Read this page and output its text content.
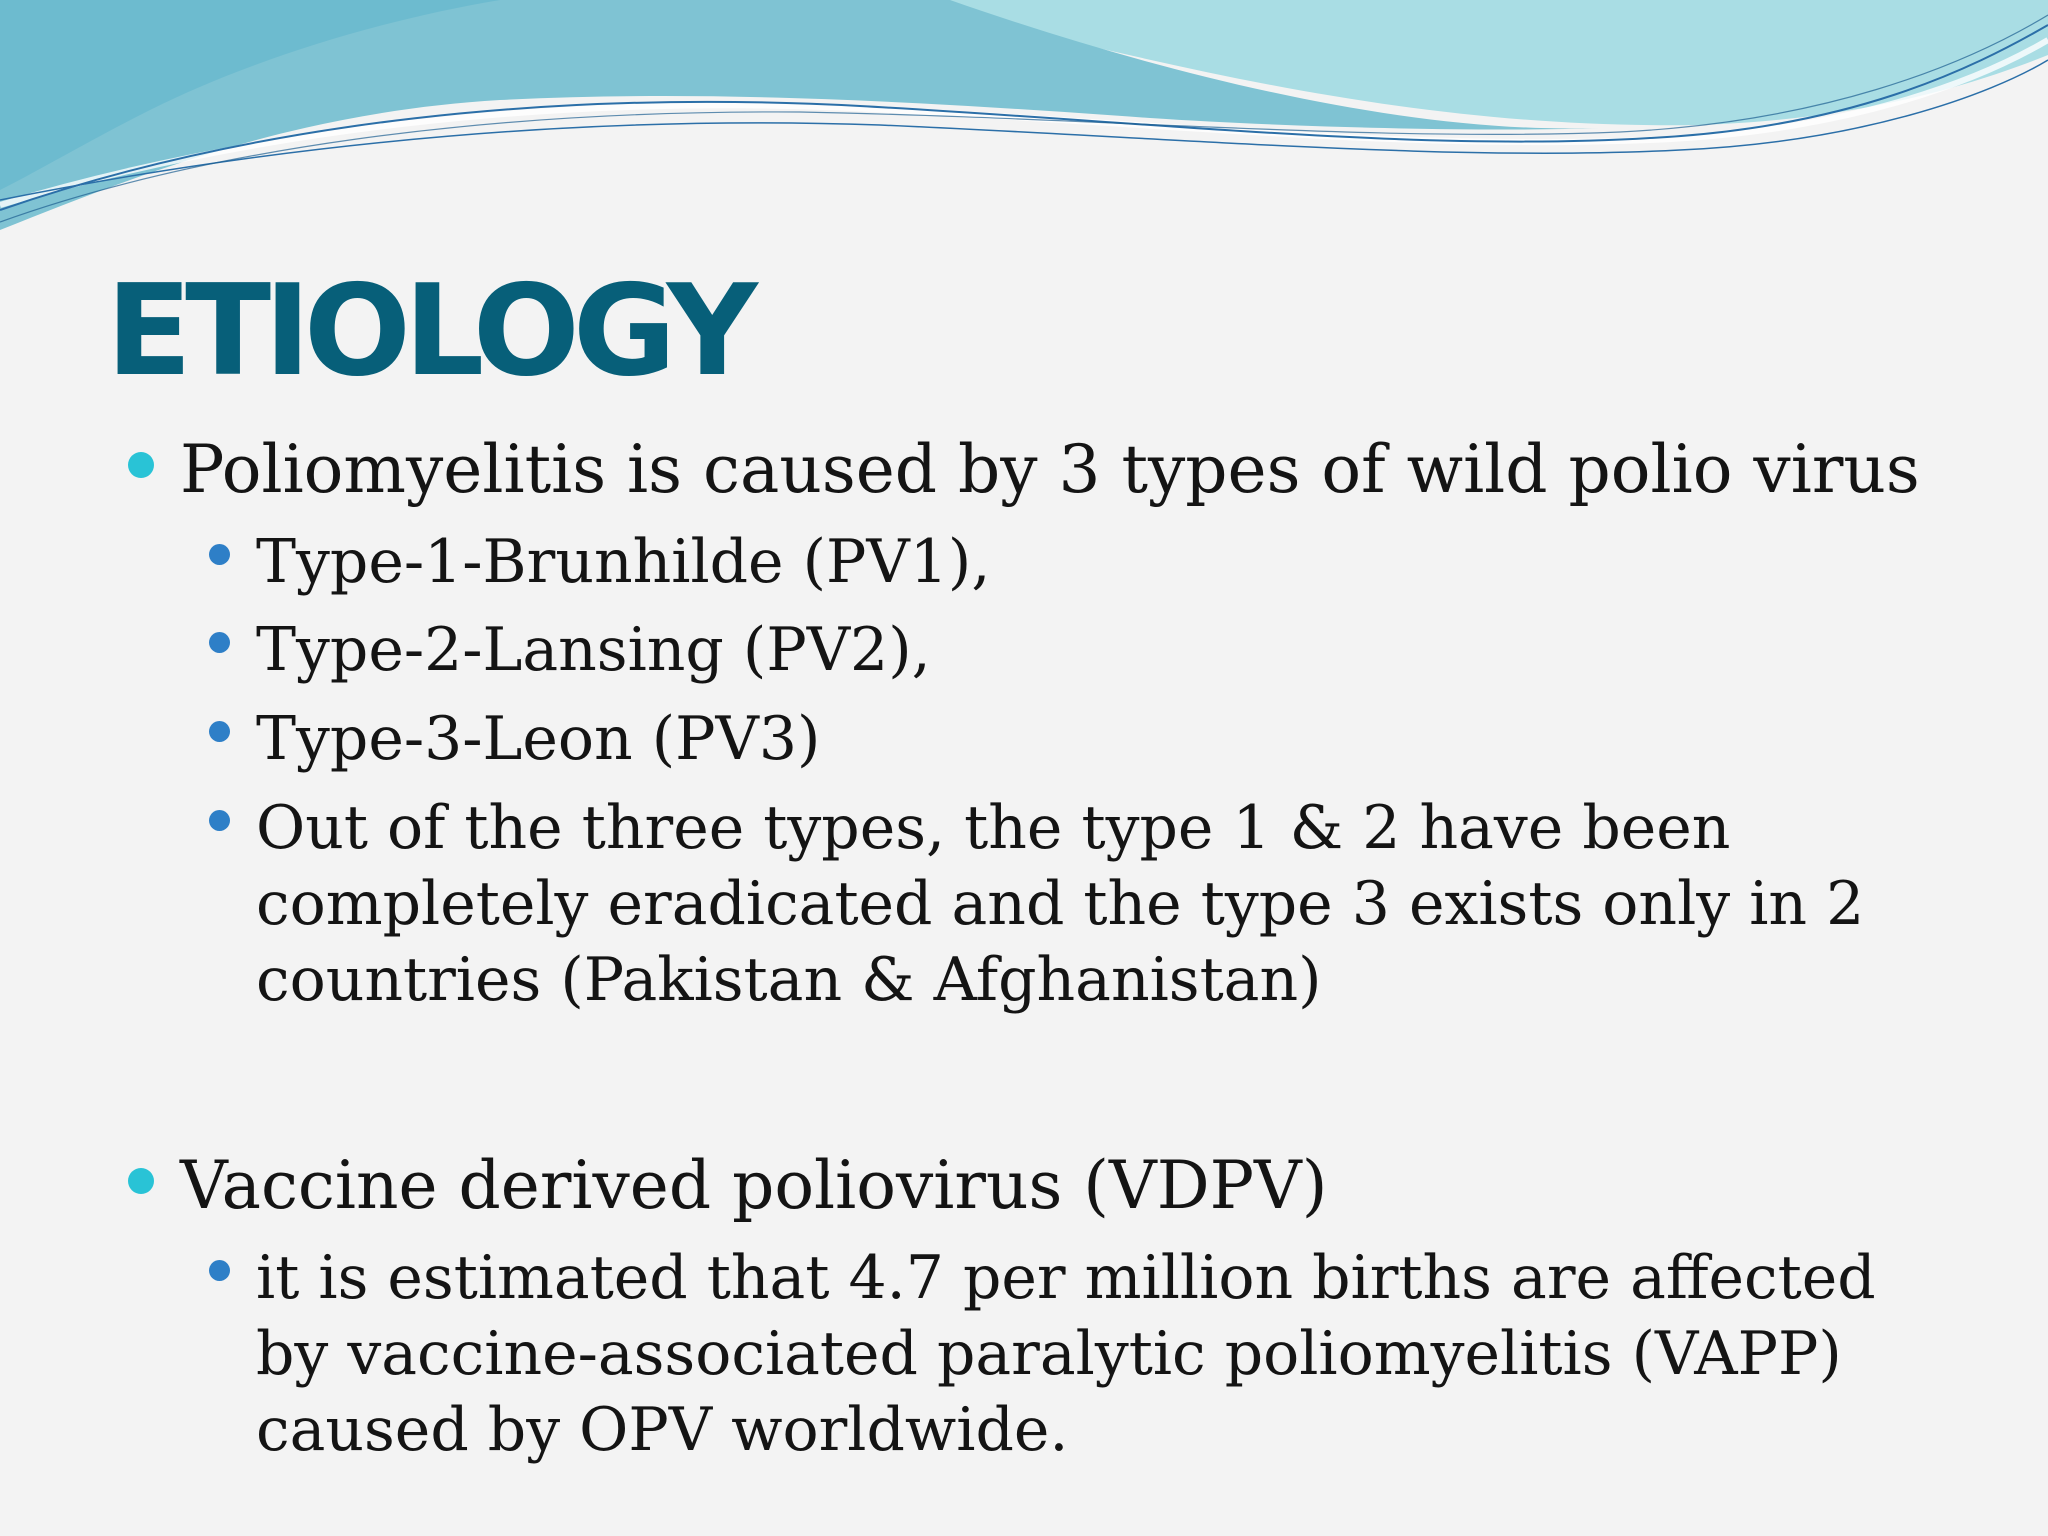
ETIOLOGY
Poliomyelitis is caused by 3 types of wild polio virus
Type-1-Brunhilde (PV1),
Type-2-Lansing (PV2),
Type-3-Leon (PV3)
Out of the three types, the type 1 & 2 have been
completely eradicated and the type 3 exists only in 2
countries (Pakistan & Afghanistan)
Vaccine derived poliovirus (VDPV)
it is estimated that 4.7 per million births are affected
by vaccine-associated paralytic poliomyelitis (VAPP)
caused by OPV worldwide.
